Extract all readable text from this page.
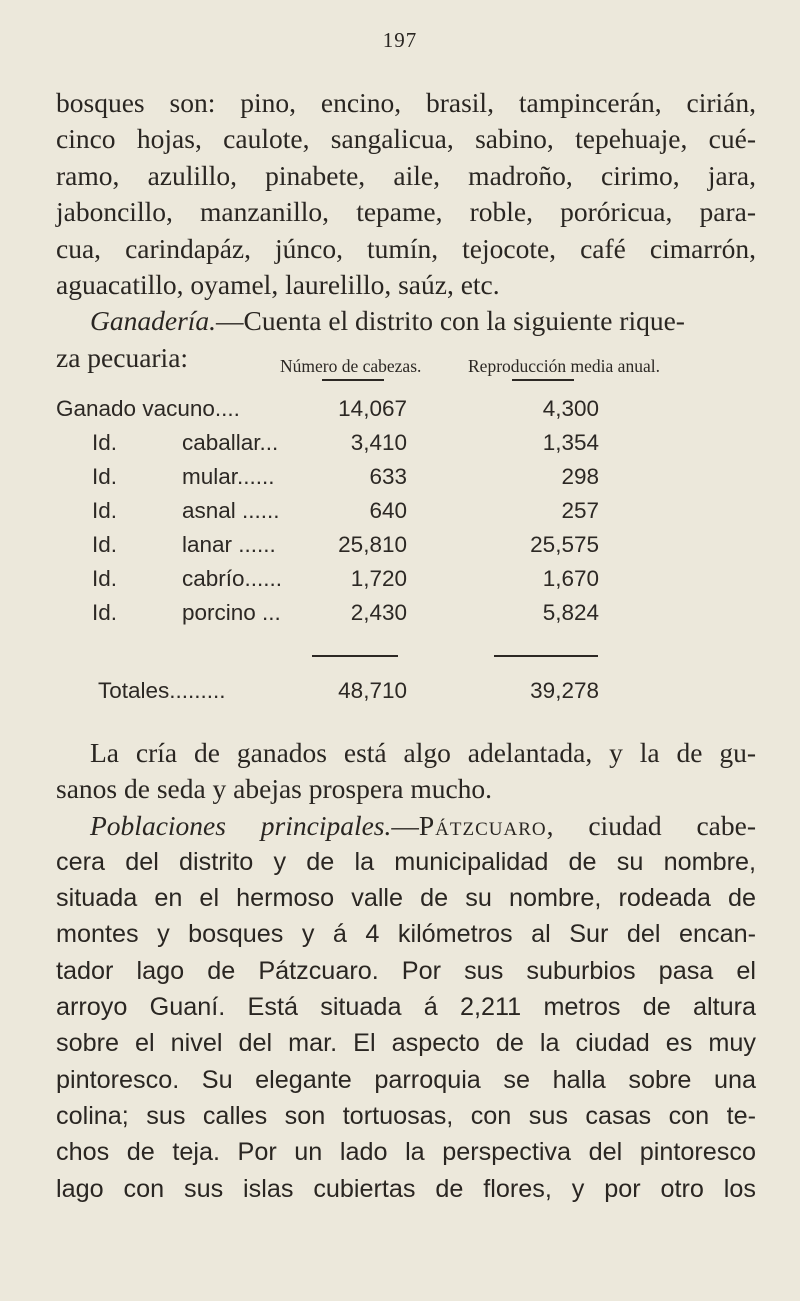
197
bosques son: pino, encino, brasil, tampincerán, cirián,
cinco hojas, caulote, sangalicua, sabino, tepehuaje, cué-
ramo, azulillo, pinabete, aile, madroño, cirimo, jara,
jaboncillo, manzanillo, tepame, roble, poróricua, para-
cua, carindapáz, júnco, tumín, tejocote, café cimarrón,
aguacatillo, oyamel, laurelillo, saúz, etc.
Ganadería.—Cuenta el distrito con la siguiente rique-
za pecuaria:	Número de cabezas.	Reproducción media anual.
Ganado vacuno....	14,067	4,300
Id.	caballar...	3,410	1,354
Id.	mular......	633	298
Id.	asnal ......	640	257
Id.	lanar ......	25,810	25,575
Id.	cabrío......	1,720	1,670
Id.	porcino ...	2,430	5,824
Totales.........	48,710	39,278
La cría de ganados está algo adelantada, y la de gu-
sanos de seda y abejas prospera mucho.
Poblaciones principales.—Pátzcuaro, ciudad cabe-
cera del distrito y de la municipalidad de su nombre,
situada en el hermoso valle de su nombre, rodeada de
montes y bosques y á 4 kilómetros al Sur del encan-
tador lago de Pátzcuaro. Por sus suburbios pasa el
arroyo Guaní. Está situada á 2,211 metros de altura
sobre el nivel del mar. El aspecto de la ciudad es muy
pintoresco. Su elegante parroquia se halla sobre una
colina; sus calles son tortuosas, con sus casas con te-
chos de teja. Por un lado la perspectiva del pintoresco
lago con sus islas cubiertas de flores, y por otro los
